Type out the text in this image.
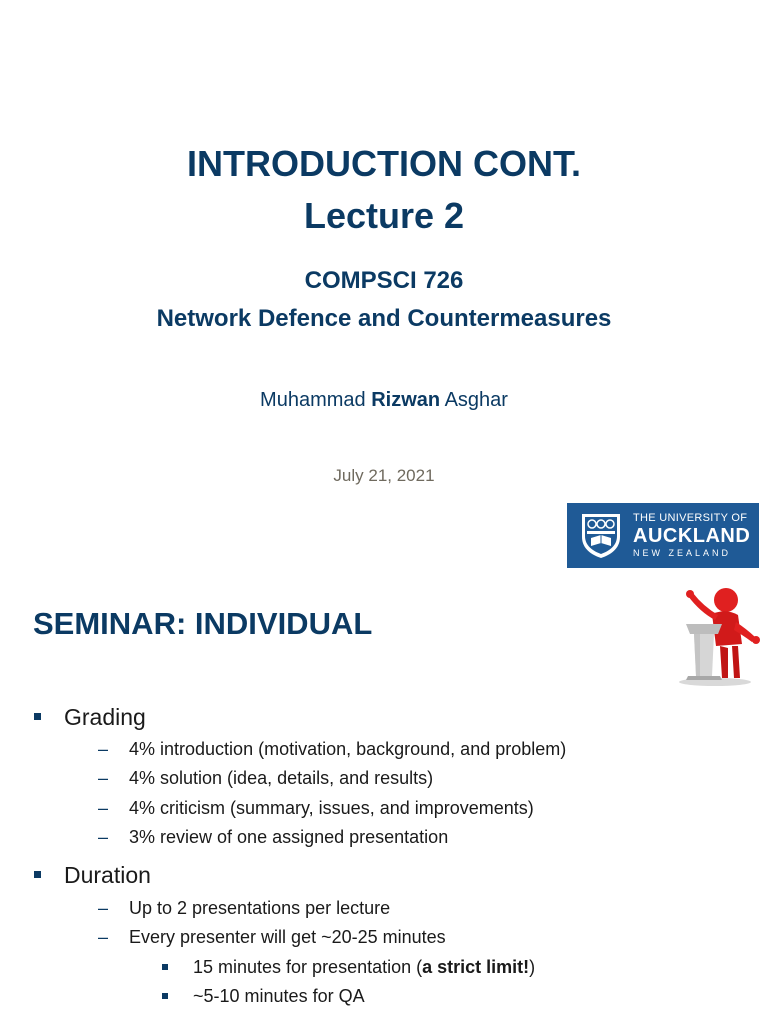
INTRODUCTION CONT.
Lecture 2
COMPSCI 726
Network Defence and Countermeasures
Muhammad Rizwan Asghar
July 21, 2021
THE UNIVERSITY OF
AUCKLAND
NEW ZEALAND
SEMINAR: INDIVIDUAL
Grading
– 4% introduction (motivation, background, and problem)
– 4% solution (idea, details, and results)
– 4% criticism (summary, issues, and improvements)
– 3% review of one assigned presentation
Duration
– Up to 2 presentations per lecture
– Every presenter will get ~20-25 minutes
15 minutes for presentation (a strict limit!)
~5-10 minutes for QA
